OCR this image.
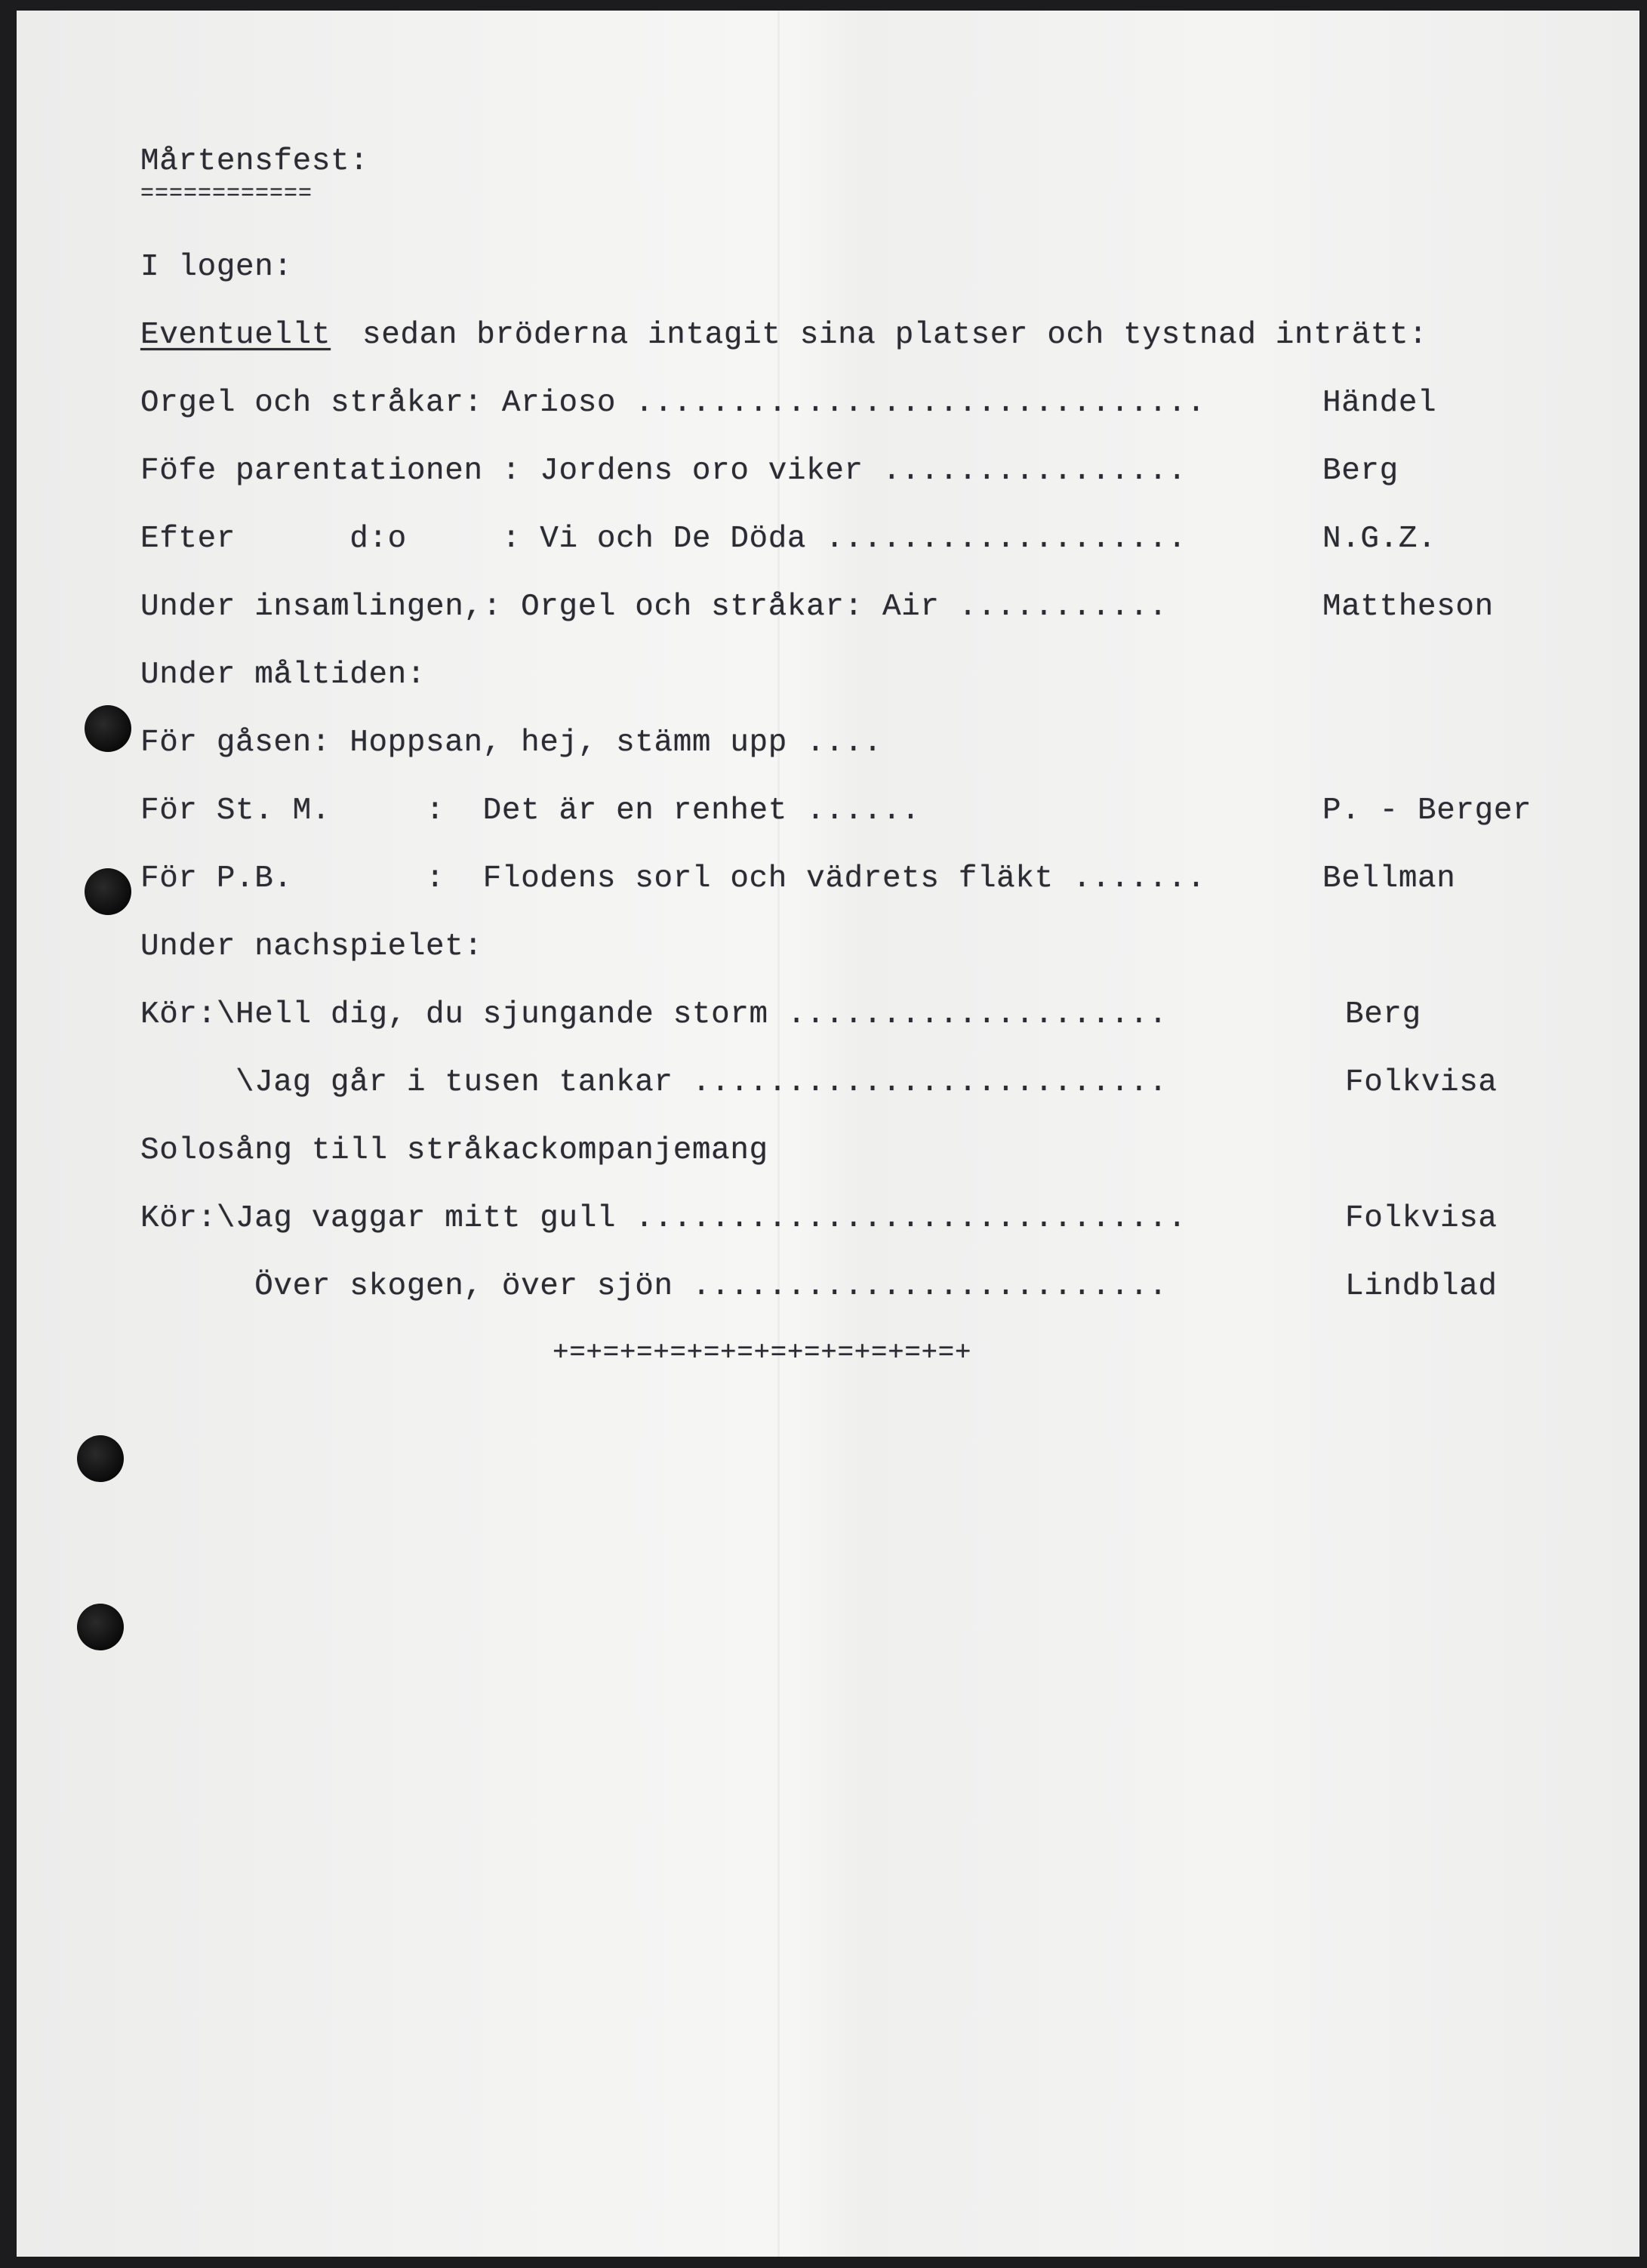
Mårtensfest:
============
I logen:
Eventuellt sedan bröderna intagit sina platser och tystnad inträtt:
Orgel och stråkar: Arioso ..............................	Händel
Föfe parentationen : Jordens oro viker ................	Berg
Efter      d:o     : Vi och De Döda ...................	N.G.Z.
Under insamlingen,: Orgel och stråkar: Air ...........	Mattheson
Under måltiden:
För gåsen: Hoppsan, hej, stämm upp ....
För St. M.     :  Det är en renhet ......	P. - Berger
För P.B.       :  Flodens sorl och vädrets fläkt .......	Bellman
Under nachspielet:
Kör:\Hell dig, du sjungande storm ....................	Berg
\Jag går i tusen tankar .........................	Folkvisa
Solosång till stråkackompanjemang
Kör:\Jag vaggar mitt gull .............................	Folkvisa
Över skogen, över sjön .........................	Lindblad
+=+=+=+=+=+=+=+=+=+=+=+=+
